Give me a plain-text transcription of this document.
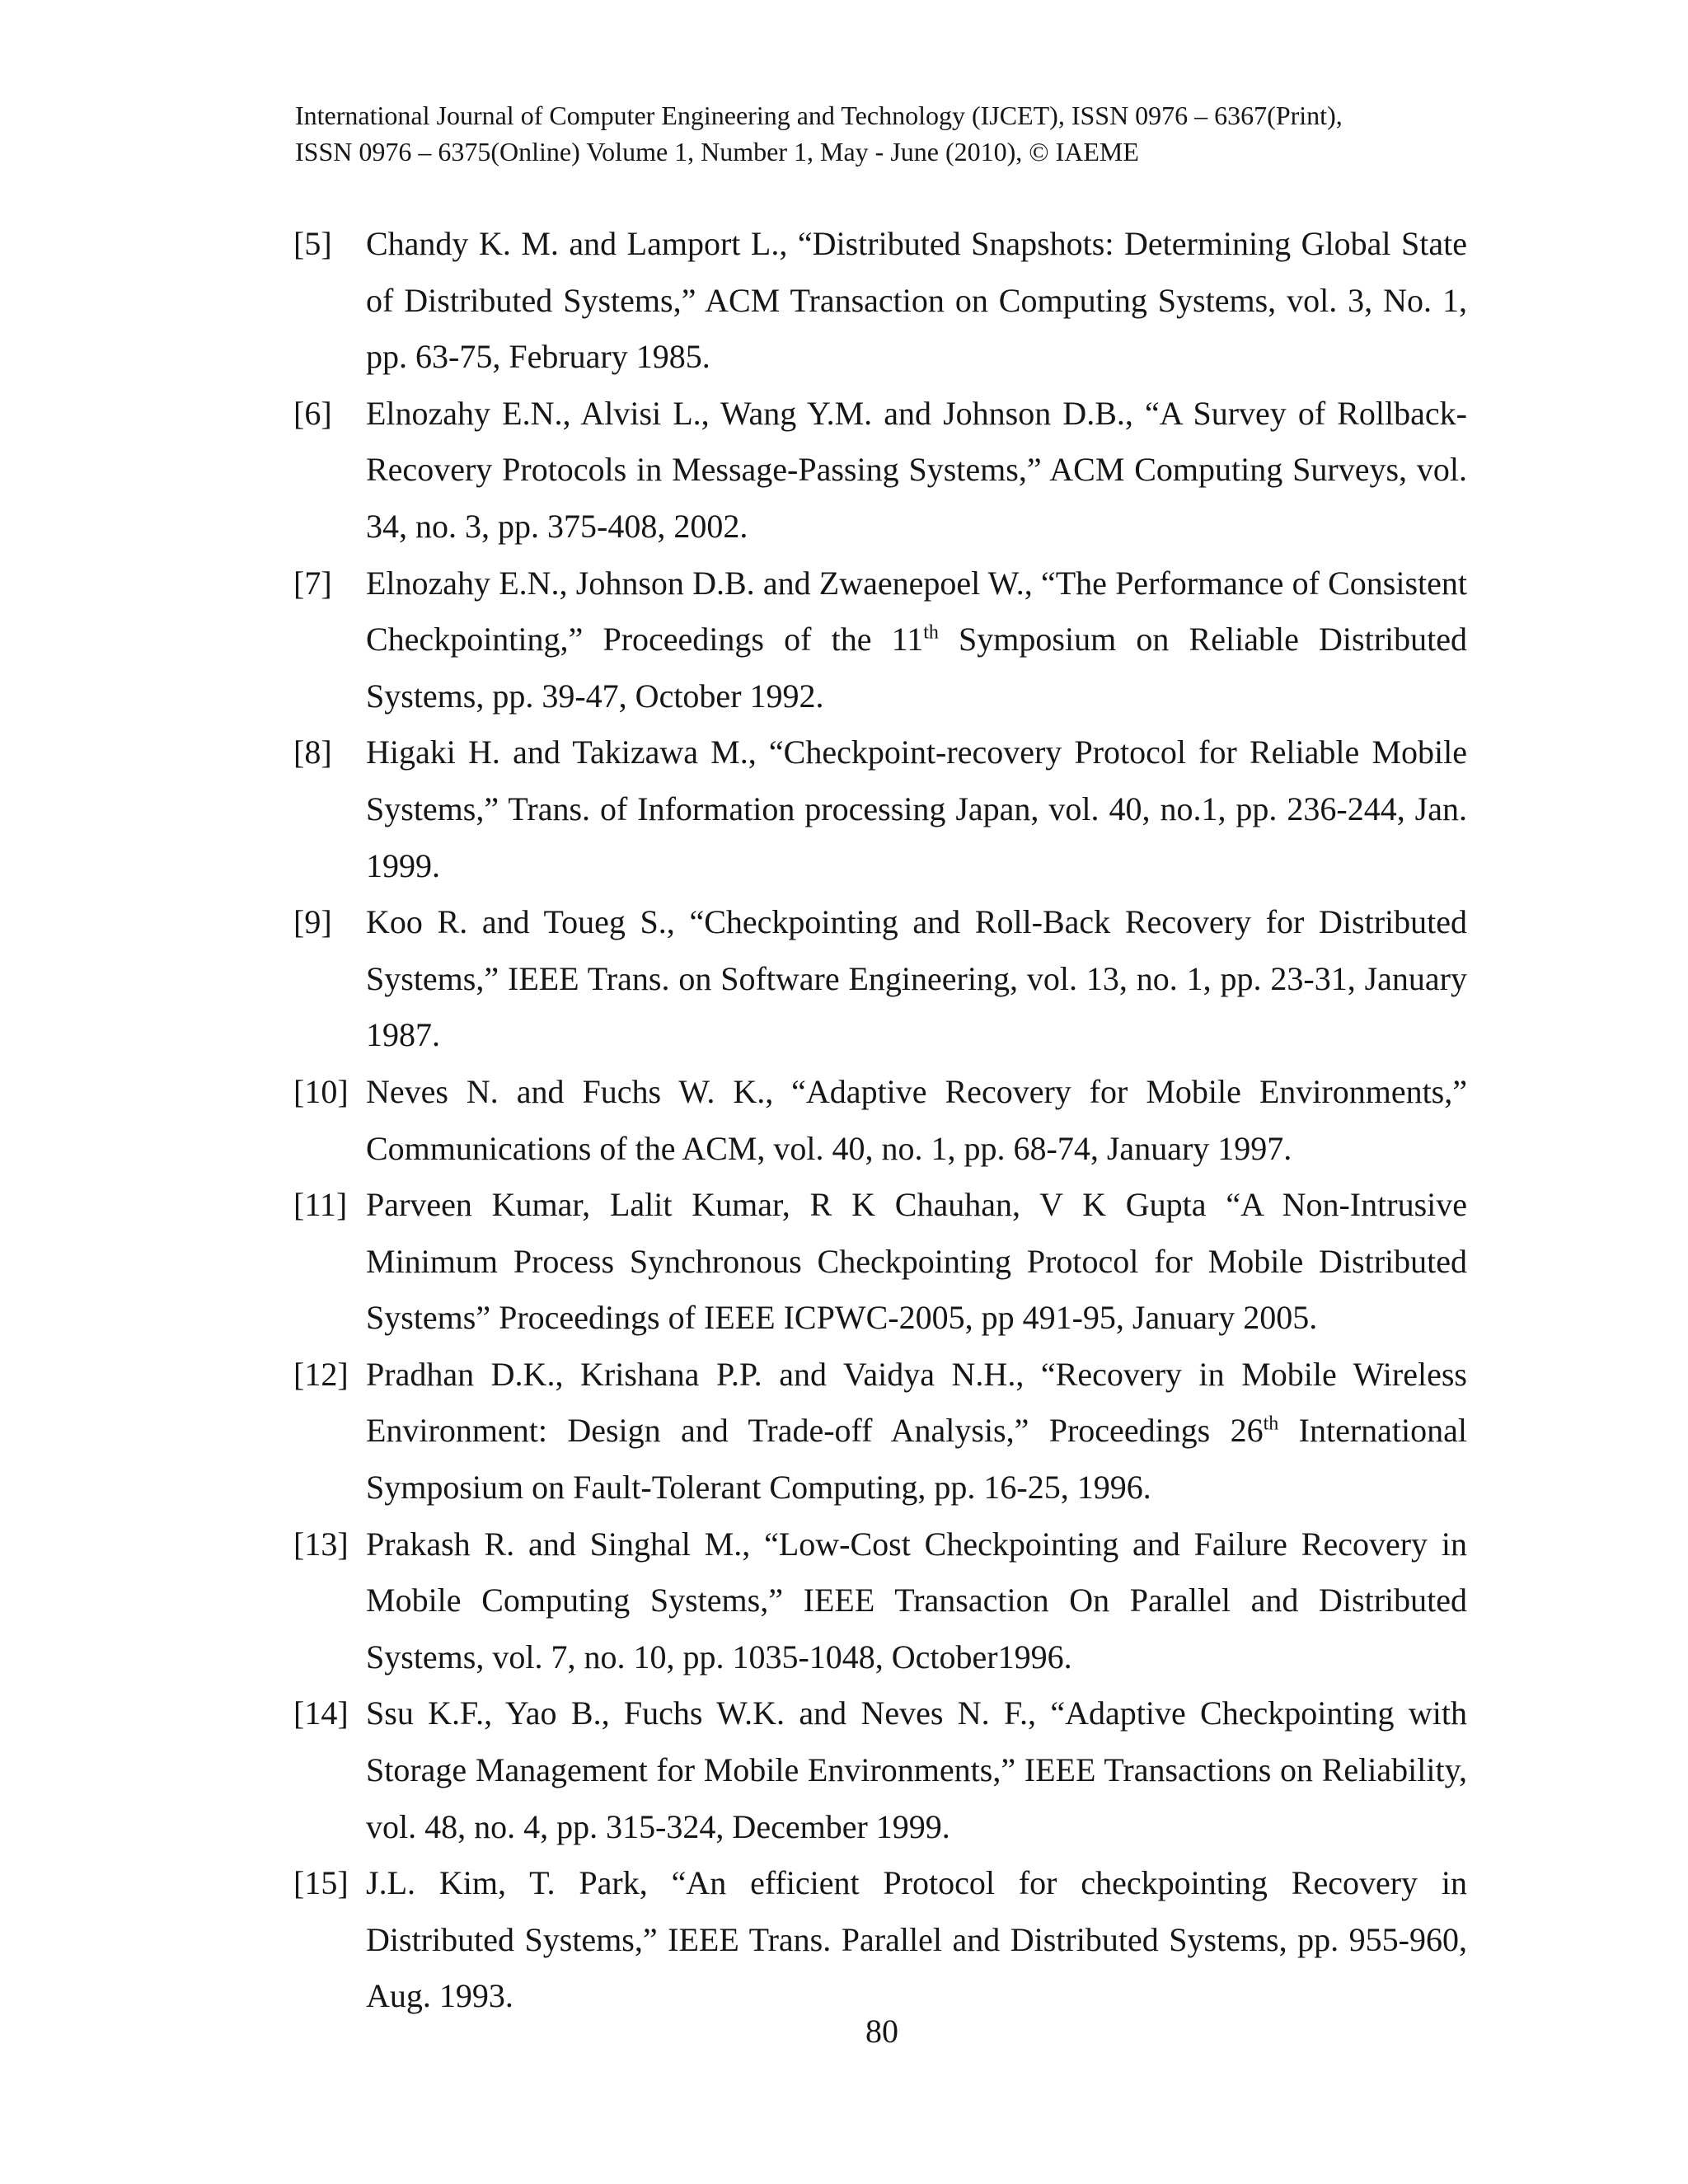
International Journal of Computer Engineering and Technology (IJCET), ISSN 0976 – 6367(Print),
ISSN 0976 – 6375(Online) Volume 1, Number 1, May - June (2010), © IAEME
[5]	Chandy K. M. and Lamport L., “Distributed Snapshots: Determining Global State of Distributed Systems,” ACM Transaction on Computing Systems, vol. 3, No. 1, pp. 63-75, February 1985.
[6]	Elnozahy E.N., Alvisi L., Wang Y.M. and Johnson D.B., “A Survey of Rollback-Recovery Protocols in Message-Passing Systems,” ACM Computing Surveys, vol. 34, no. 3, pp. 375-408, 2002.
[7]	Elnozahy E.N., Johnson D.B. and Zwaenepoel W., “The Performance of Consistent Checkpointing,” Proceedings of the 11th Symposium on Reliable Distributed Systems, pp. 39-47, October 1992.
[8]	Higaki H. and Takizawa M., “Checkpoint-recovery Protocol for Reliable Mobile Systems,” Trans. of Information processing Japan, vol. 40, no.1, pp. 236-244, Jan. 1999.
[9]	Koo R. and Toueg S., “Checkpointing and Roll-Back Recovery for Distributed Systems,” IEEE Trans. on Software Engineering, vol. 13, no. 1, pp. 23-31, January 1987.
[10] Neves N. and Fuchs W. K., “Adaptive Recovery for Mobile Environments,” Communications of the ACM, vol. 40, no. 1, pp. 68-74, January 1997.
[11] Parveen Kumar, Lalit Kumar, R K Chauhan, V K Gupta “A Non-Intrusive Minimum Process Synchronous Checkpointing Protocol for Mobile Distributed Systems” Proceedings of IEEE ICPWC-2005, pp 491-95, January 2005.
[12] Pradhan D.K., Krishana P.P. and Vaidya N.H., “Recovery in Mobile Wireless Environment: Design and Trade-off Analysis,” Proceedings 26th International Symposium on Fault-Tolerant Computing, pp. 16-25, 1996.
[13] Prakash R. and Singhal M., “Low-Cost Checkpointing and Failure Recovery in Mobile Computing Systems,” IEEE Transaction On Parallel and Distributed Systems, vol. 7, no. 10, pp. 1035-1048, October1996.
[14] Ssu K.F., Yao B., Fuchs W.K. and Neves N. F., “Adaptive Checkpointing with Storage Management for Mobile Environments,” IEEE Transactions on Reliability, vol. 48, no. 4, pp. 315-324, December 1999.
[15] J.L. Kim, T. Park, “An efficient Protocol for checkpointing Recovery in Distributed Systems,” IEEE Trans. Parallel and Distributed Systems, pp. 955-960, Aug. 1993.
80
